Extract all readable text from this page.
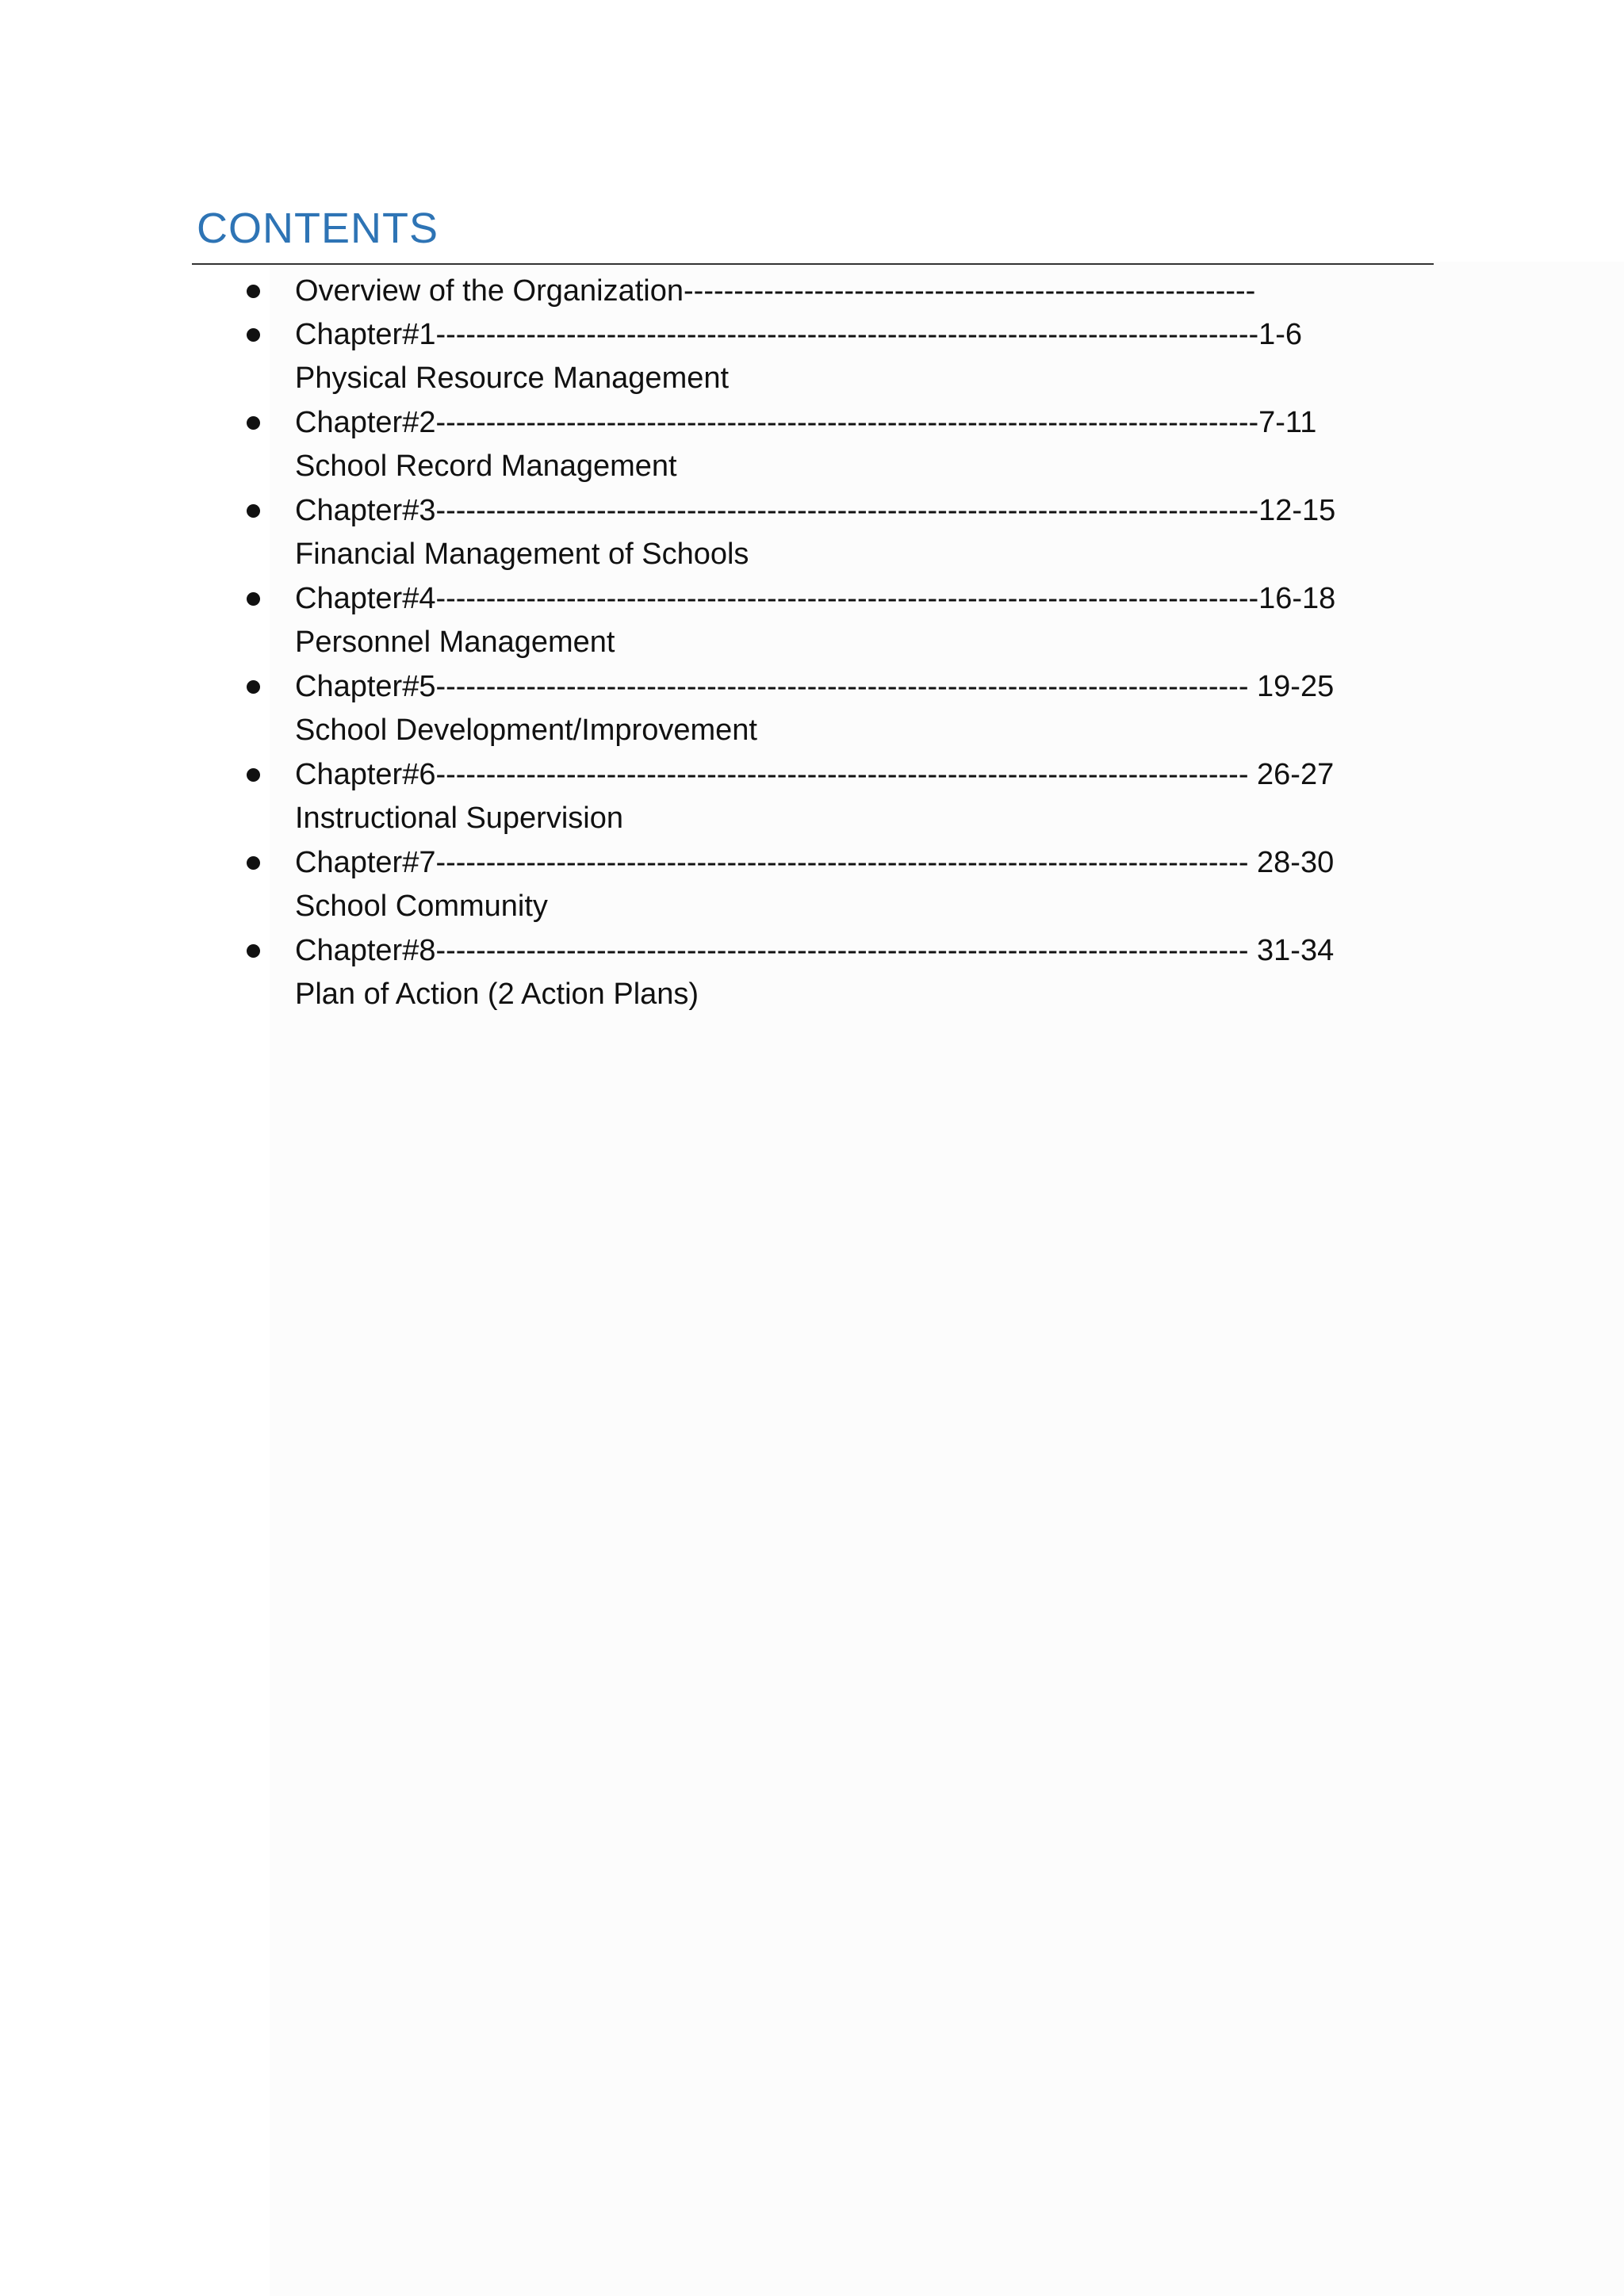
CONTENTS
Overview of the Organization---------------------------------------------------------
Chapter#1----------------------------------------------------------------------------------1-6
Physical Resource Management
Chapter#2----------------------------------------------------------------------------------7-11
School Record Management
Chapter#3----------------------------------------------------------------------------------12-15
Financial Management of Schools
Chapter#4----------------------------------------------------------------------------------16-18
Personnel Management
Chapter#5--------------------------------------------------------------------------------- 19-25
School Development/Improvement
Chapter#6--------------------------------------------------------------------------------- 26-27
Instructional Supervision
Chapter#7--------------------------------------------------------------------------------- 28-30
School Community
Chapter#8--------------------------------------------------------------------------------- 31-34
Plan of Action (2 Action Plans)
